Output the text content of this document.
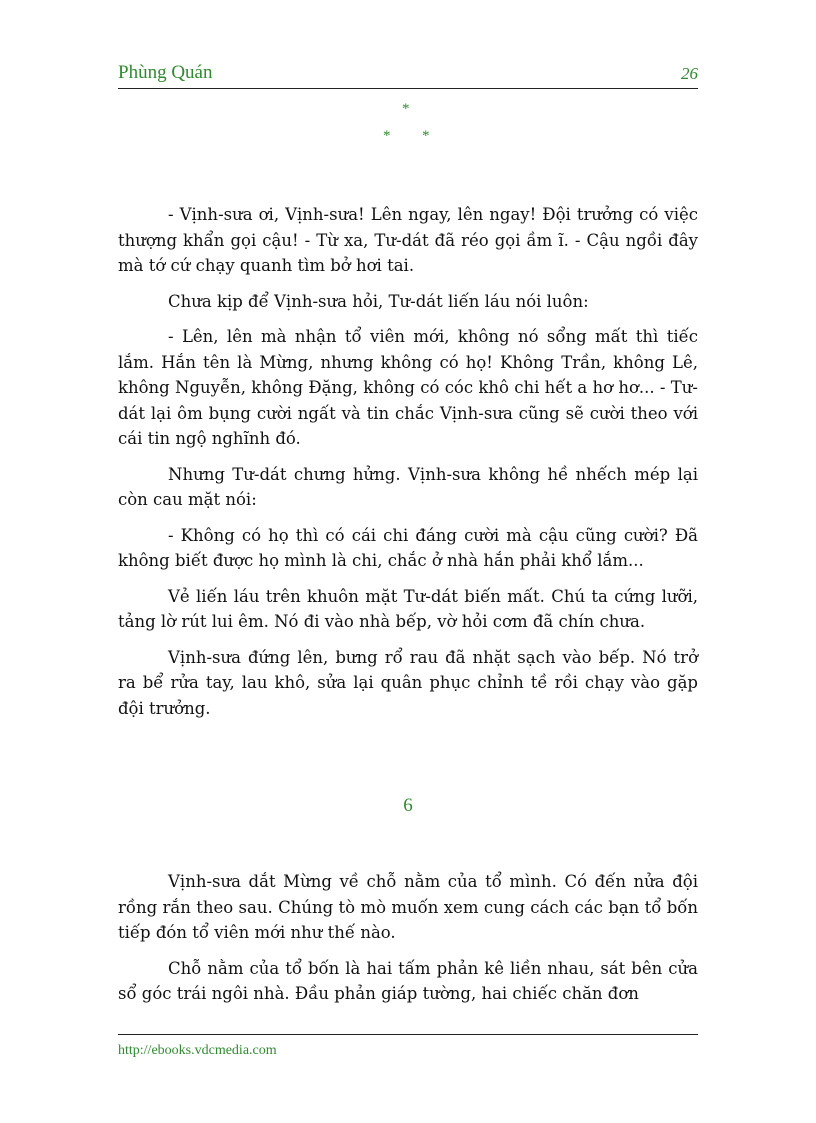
Phùng Quán	26
*
* *

- Vịnh-sưa ơi, Vịnh-sưa! Lên ngay, lên ngay! Đội trưởng có việc thượng khẩn gọi cậu! - Từ xa, Tư-dát đã réo gọi ầm ĩ. - Cậu ngồi đây mà tớ cứ chạy quanh tìm bở hơi tai.

Chưa kịp để Vịnh-sưa hỏi, Tư-dát liến láu nói luôn:

- Lên, lên mà nhận tổ viên mới, không nó sổng mất thì tiếc lắm. Hắn tên là Mừng, nhưng không có họ! Không Trần, không Lê, không Nguyễn, không Đặng, không có cóc khô chi hết a hơ hơ... - Tư-dát lại ôm bụng cười ngất và tin chắc Vịnh-sưa cũng sẽ cười theo với cái tin ngộ nghĩnh đó.

Nhưng Tư-dát chưng hửng. Vịnh-sưa không hề nhếch mép lại còn cau mặt nói:

- Không có họ thì có cái chi đáng cười mà cậu cũng cười? Đã không biết được họ mình là chi, chắc ở nhà hắn phải khổ lắm...

Vẻ liến láu trên khuôn mặt Tư-dát biến mất. Chú ta cứng lưỡi, tảng lờ rút lui êm. Nó đi vào nhà bếp, vờ hỏi cơm đã chín chưa.

Vịnh-sưa đứng lên, bưng rổ rau đã nhặt sạch vào bếp. Nó trở ra bể rửa tay, lau khô, sửa lại quân phục chỉnh tề rồi chạy vào gặp đội trưởng.

6

Vịnh-sưa dắt Mừng về chỗ nằm của tổ mình. Có đến nửa đội rồng rắn theo sau. Chúng tò mò muốn xem cung cách các bạn tổ bốn tiếp đón tổ viên mới như thế nào.

Chỗ nằm của tổ bốn là hai tấm phản kê liền nhau, sát bên cửa sổ góc trái ngôi nhà. Đầu phản giáp tường, hai chiếc chăn đơn

http://ebooks.vdcmedia.com
